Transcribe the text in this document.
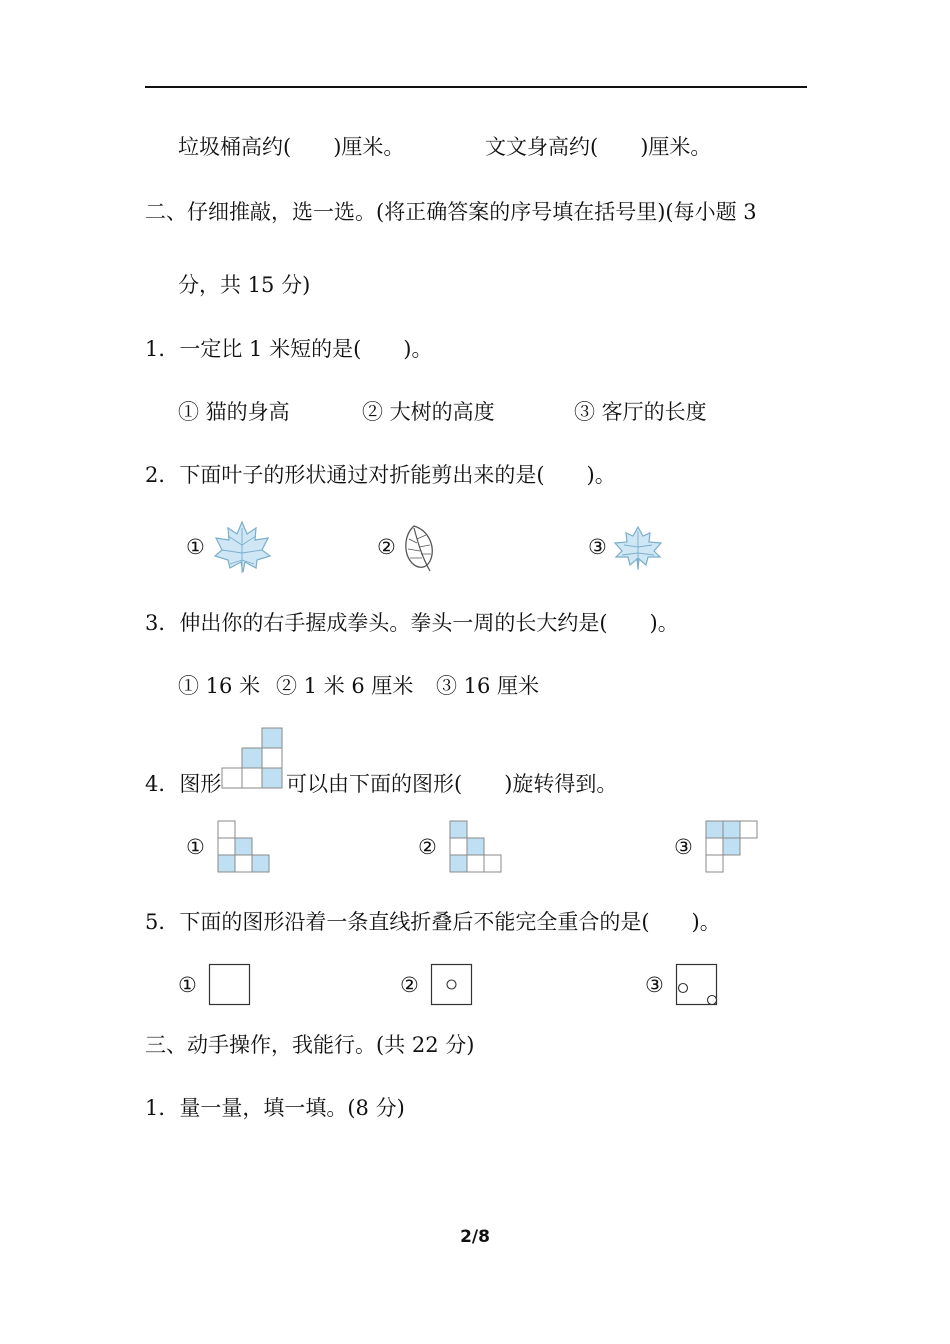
垃圾桶高约(　　)厘米。	文文身高约(　　)厘米。
二、仔细推敲，选一选。(将正确答案的序号填在括号里)(每小题 3
分，共 15 分)
1．一定比 1 米短的是(　　)。
① 猫的身高	② 大树的高度	③ 客厅的长度
2．下面叶子的形状通过对折能剪出来的是(　　)。
①	②	③
3．伸出你的右手握成拳头。拳头一周的长大约是(　　)。
① 16 米 ② 1 米 6 厘米 ③ 16 厘米
4．图形	可以由下面的图形(　　)旋转得到。
①	②	③
5．下面的图形沿着一条直线折叠后不能完全重合的是(　　)。
①	②	③
三、动手操作，我能行。(共 22 分)
1．量一量，填一填。(8 分)
2/8
